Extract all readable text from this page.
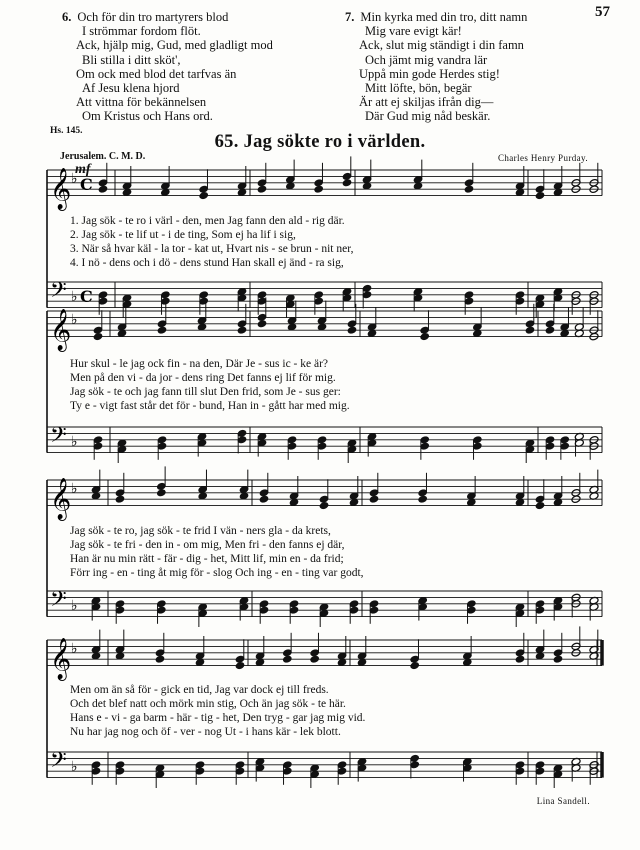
57
6. Och för din tro martyrers blod
I strömmar fordom flöt.
Ack, hjälp mig, Gud, med gladligt mod
Bli stilla i ditt sköt',
Om ock med blod det tarfvas än
Af Jesu klena hjord
Att vittna för bekännelsen
Om Kristus och Hans ord.
7. Min kyrka med din tro, ditt namn
Mig vare evigt kär!
Ack, slut mig ständigt i din famn
Och jämt mig vandra lär
Uppå min gode Herdes stig!
Mitt löfte, bön, begär
Är att ej skiljas ifrån dig—
Där Gud mig nåd beskär.
Hs. 145.
65. Jag sökte ro i världen.
Jerusalem. C. M. D.	Charles Henry Purday.
mf
𝄞
𝄢
♭
♭
C
C
𝄞
𝄢
♭
♭
𝄞
𝄢
♭
♭
𝄞
𝄢
♭
♭
1. Jag sök - te ro i värl - den, men Jag fann den ald - rig där.
2. Jag sök - te lif ut - i de ting, Som ej ha lif i sig,
3. När så hvar käl - la tor - kat ut, Hvart nis - se brun - nit ner,
4. I nö - dens och i dö - dens stund Han skall ej änd - ra sig,
Hur skul - le jag ock fin - na den, Där Je - sus ic - ke är?
Men på den vi - da jor - dens ring Det fanns ej lif för mig.
Jag sök - te och jag fann till slut Den frid, som Je - sus ger:
Ty e - vigt fast står det för - bund, Han in - gått har med mig.
Jag sök - te ro, jag sök - te frid I vän - ners gla - da krets,
Jag sök - te fri - den in - om mig, Men fri - den fanns ej där,
Han är nu min rätt - fär - dig - het, Mitt lif, min en - da frid;
Förr ing - en - ting åt mig för - slog Och ing - en - ting var godt,
Men om än så för - gick en tid, Jag var dock ej till freds.
Och det blef natt och mörk min stig, Och än jag sök - te här.
Hans e - vi - ga barm - här - tig - het, Den tryg - gar jag mig vid.
Nu har jag nog och öf - ver - nog Ut - i hans kär - lek blott.
Lina Sandell.
